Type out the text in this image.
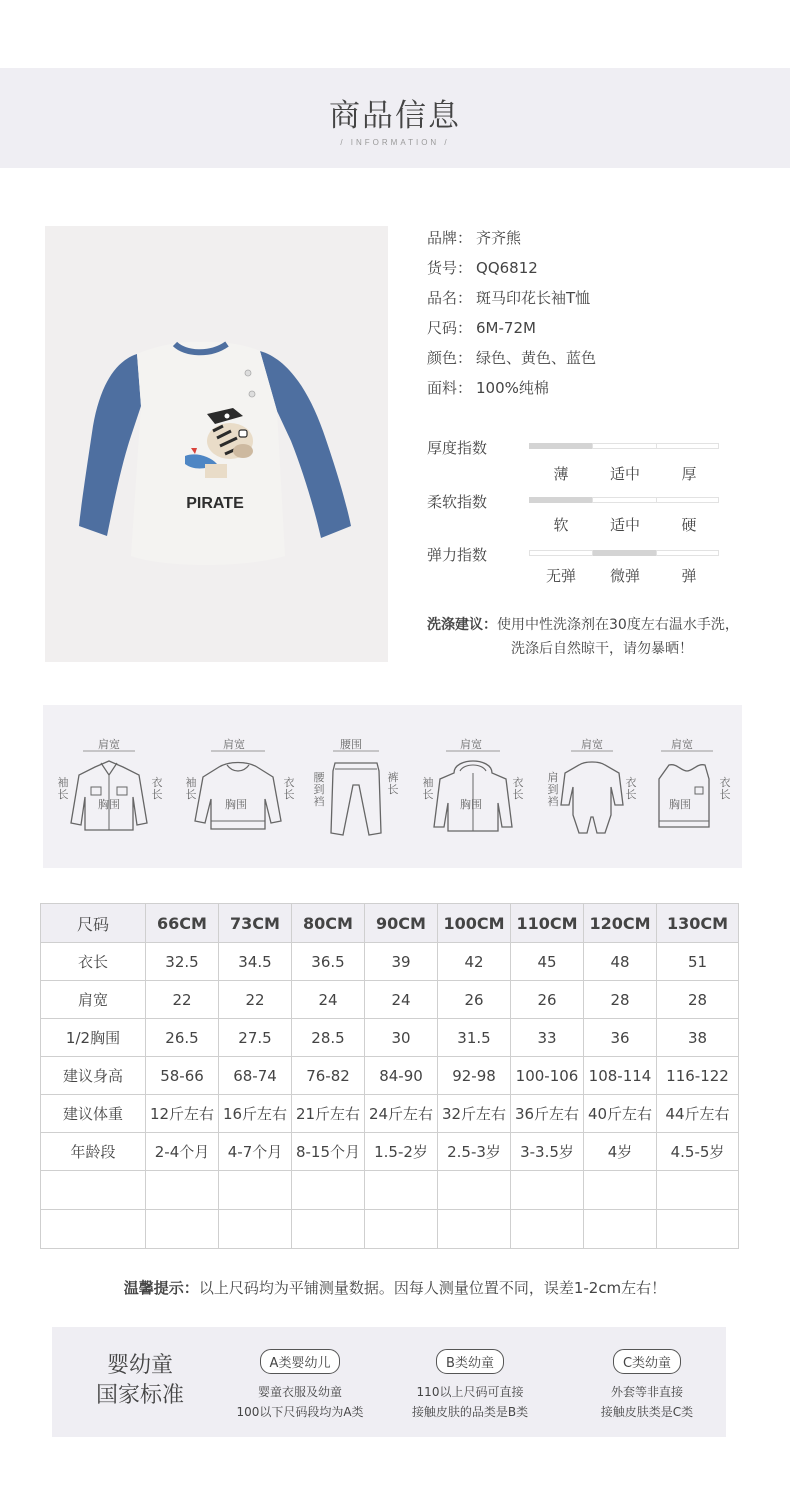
商品信息
/ INFORMATION /
PIRATE
品牌： 齐齐熊
货号： QQ6812
品名： 斑马印花长袖T恤
尺码： 6M-72M
颜色： 绿色、黄色、蓝色
面料： 100%纯棉
厚度指数
薄	适中	厚
柔软指数
软	适中	硬
弹力指数
无弹	微弹	弹
洗涤建议：使用中性洗涤剂在30度左右温水手洗，
洗涤后自然晾干，请勿暴晒！
肩宽
袖长
衣长
胸围
肩宽
袖长
衣长
胸围
腰围
腰到裆
裤长
肩宽
袖长
衣长
胸围
肩宽
肩到裆
衣长
肩宽
衣长
胸围
尺码	66CM	73CM	80CM	90CM	100CM	110CM	120CM	130CM
衣长	32.5	34.5	36.5	39	42	45	48	51
肩宽	22	22	24	24	26	26	28	28
1/2胸围	26.5	27.5	28.5	30	31.5	33	36	38
建议身高	58-66	68-74	76-82	84-90	92-98	100-106	108-114	116-122
建议体重	12斤左右	16斤左右	21斤左右	24斤左右	32斤左右	36斤左右	40斤左右	44斤左右
年龄段	2-4个月	4-7个月	8-15个月	1.5-2岁	2.5-3岁	3-3.5岁	4岁	4.5-5岁

温馨提示：以上尺码均为平铺测量数据。因每人测量位置不同，误差1-2cm左右！
婴幼童
国家标准
A类婴幼儿
婴童衣服及幼童
100以下尺码段均为A类
B类幼童
110以上尺码可直接
接触皮肤的品类是B类
C类幼童
外套等非直接
接触皮肤类是C类
